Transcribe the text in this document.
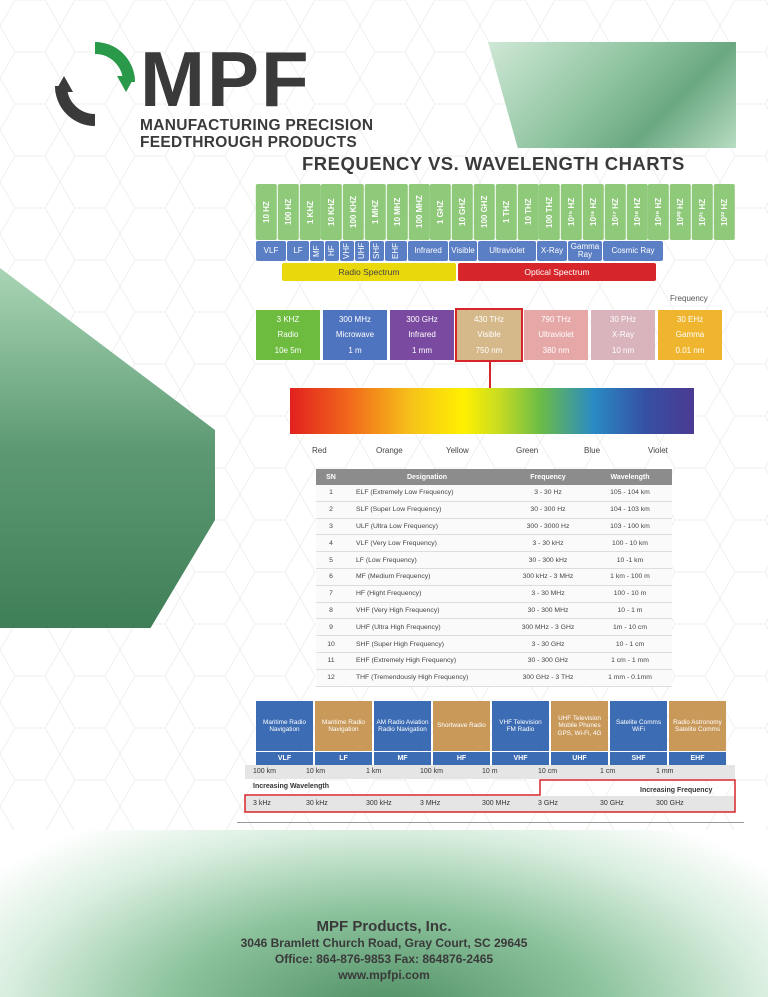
MPF
MANUFACTURING PRECISION
FEEDTHROUGH PRODUCTS
FREQUENCY VS. WAVELENGTH CHARTS
10 HZ	100 HZ	1 KHZ	10 KHZ	100 KHZ	1 MHZ	10 MHZ	100 MHZ	1 GHZ	10 GHZ	100 GHZ	1 THZ	10 THZ	100 THZ	10¹⁵ HZ	10¹⁶ HZ	10¹⁷ HZ	10¹⁸ HZ	10¹⁹ HZ	10²⁰ HZ	10²¹ HZ	10²² HZ
VLF	LF	MF HF VHF UHF SHF	EHF	Infrared	Visible	Ultraviolet	X-Ray Gamma Ray	Cosmic Ray
Radio Spectrum	Optical Spectrum
Frequency
3 KHZ
Radio
10e 5m
300 MHz
Microwave
1 m
300 GHz
Infrared
1 mm
430 THz
Visible
750 nm
790 THz
Ultraviolet
380 nm
30 PHz
X-Ray
10 nm
30 EHz
Gamma
0.01 nm
Red	Orange	Yellow	Green	Blue	Violet
SN	Designation	Frequency	Wavelength
1	ELF (Extremely Low Frequency)	3 - 30 Hz	105 - 104 km
2	SLF (Super Low Frequency)	30 - 300 Hz	104 - 103 km
3	ULF (Ultra Low Frequency)	300 - 3000 Hz	103 - 100 km
4	VLF (Very Low Frequency)	3 - 30 kHz	100 - 10 km
5	LF (Low Frequency)	30 - 300 kHz	10 -1 km
6	MF (Medium Frequency)	300 kHz - 3 MHz	1 km - 100 m
7	HF (Hight Frequency)	3 - 30 MHz	100 - 10 m
8	VHF (Very High Frequency)	30 - 300 MHz	10 - 1 m
9	UHF (Ultra High Frequency)	300 MHz - 3 GHz	1m - 10 cm
10	SHF (Super High Frequency)	3 - 30 GHz	10 - 1 cm
11	EHF (Extremely High Frequency)	30 - 300 GHz	1 cm - 1 mm
12	THF (Tremendously High Frequency)	300 GHz - 3 THz	1 mm - 0.1mm
Maritime Radio Navigation
VLF
Maritime Radio Navigation
LF
AM Radio Aviation Radio Navigation
MF
Shortwave Radio
HF
VHF Television FM Radio
VHF
UHF Television Mobile Phones GPS, Wi-Fi, 4G
UHF
Satelite Comms WiFi
SHF
Radio Astronomy Satelite Comms
EHF
100 km	10 km	1 km	100 km	10 m	10 cm	1 cm	1 mm
Increasing Wavelength
Increasing Frequency
3 kHz	30 kHz	300 kHz	3 MHz	300 MHz	3 GHz	30 GHz	300 GHz
MPF Products, Inc.
3046 Bramlett Church Road, Gray Court, SC 29645
Office: 864-876-9853 Fax: 864876-2465
www.mpfpi.com
